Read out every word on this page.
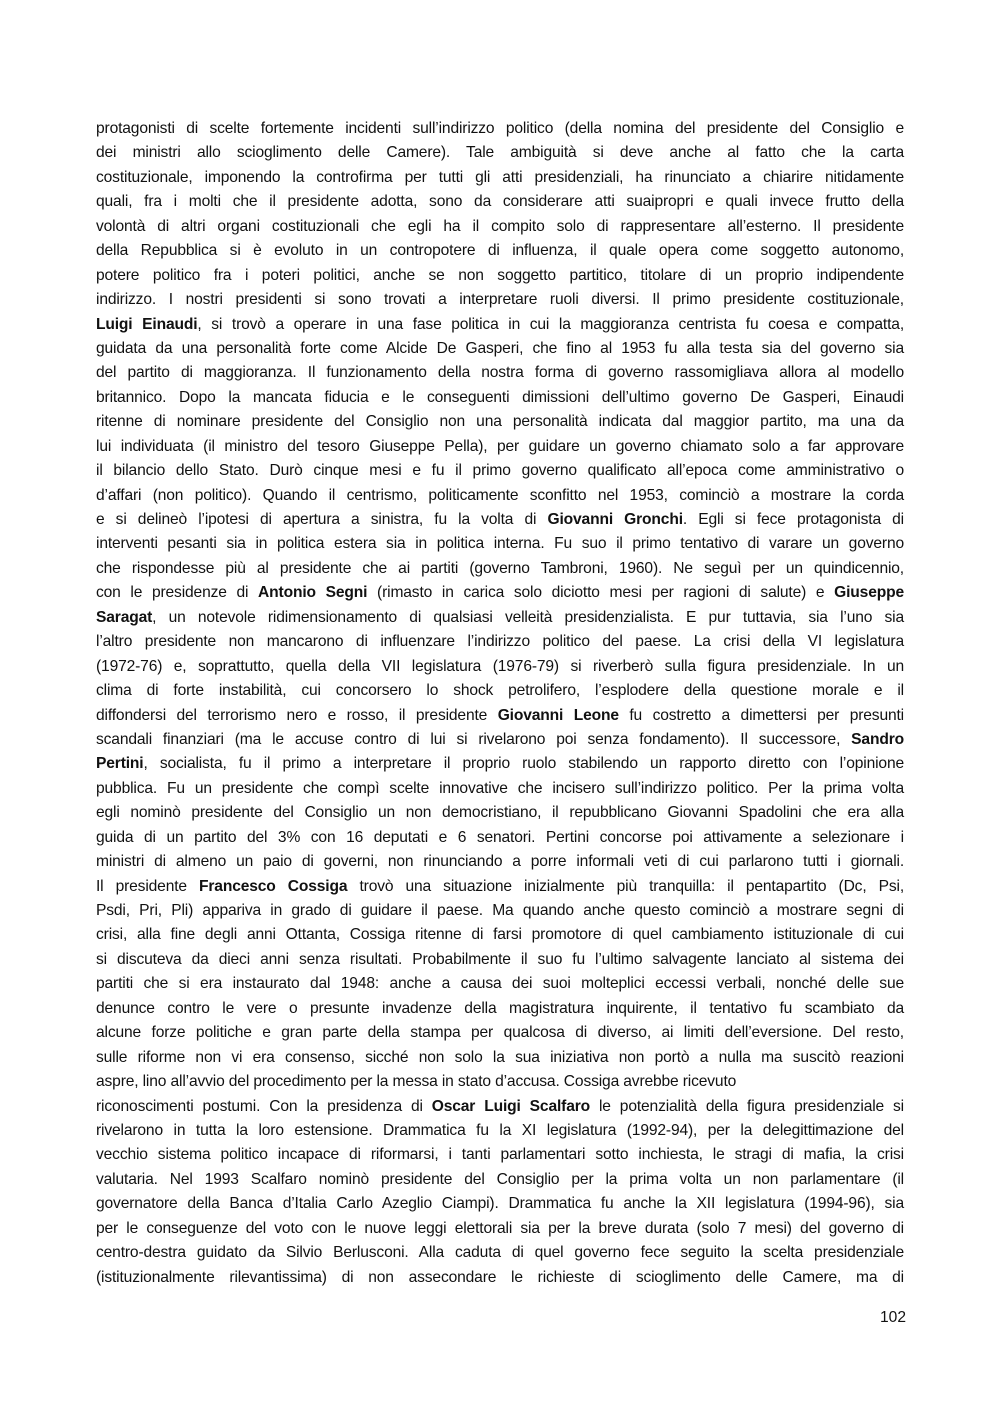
protagonisti di scelte fortemente incidenti sull’indirizzo politico (della nomina del presidente del Consiglio e
dei ministri allo scioglimento delle Camere). Tale ambiguità si deve anche al fatto che la carta
costituzionale, imponendo la controfirma per tutti gli atti presidenziali, ha rinunciato a chiarire nitidamente
quali, fra i molti che il presidente adotta, sono da considerare atti suaipropri e quali invece frutto della
volontà di altri organi costituzionali che egli ha il compito solo di rappresentare all’esterno. Il presidente
della Repubblica si è evoluto in un contropotere di influenza, il quale opera come soggetto autonomo,
potere politico fra i poteri politici, anche se non soggetto partitico, titolare di un proprio indipendente
indirizzo. I nostri presidenti si sono trovati a interpretare ruoli diversi. Il primo presidente costituzionale,
Luigi Einaudi, si trovò a operare in una fase politica in cui la maggioranza centrista fu coesa e compatta,
guidata da una personalità forte come Alcide De Gasperi, che fino al 1953 fu alla testa sia del governo sia
del partito di maggioranza. Il funzionamento della nostra forma di governo rassomigliava allora al modello
britannico. Dopo la mancata fiducia e le conseguenti dimissioni dell’ultimo governo De Gasperi, Einaudi
ritenne di nominare presidente del Consiglio non una personalità indicata dal maggior partito, ma una da
lui individuata (il ministro del tesoro Giuseppe Pella), per guidare un governo chiamato solo a far approvare
il bilancio dello Stato. Durò cinque mesi e fu il primo governo qualificato all’epoca come amministrativo o
d’affari (non politico). Quando il centrismo, politicamente sconfitto nel 1953, cominciò a mostrare la corda
e si delineò l’ipotesi di apertura a sinistra, fu la volta di Giovanni Gronchi. Egli si fece protagonista di
interventi pesanti sia in politica estera sia in politica interna. Fu suo il primo tentativo di varare un governo
che rispondesse più al presidente che ai partiti (governo Tambroni, 1960). Ne seguì per un quindicennio,
con le presidenze di Antonio Segni (rimasto in carica solo diciotto mesi per ragioni di salute) e Giuseppe
Saragat, un notevole ridimensionamento di qualsiasi velleità presidenzialista. E pur tuttavia, sia l’uno sia
l’altro presidente non mancarono di influenzare l’indirizzo politico del paese. La crisi della VI legislatura
(1972-76) e, soprattutto, quella della VII legislatura (1976-79) si riverberò sulla figura presidenziale. In un
clima di forte instabilità, cui concorsero lo shock petrolifero, l’esplodere della questione morale e il
diffondersi del terrorismo nero e rosso, il presidente Giovanni Leone fu costretto a dimettersi per presunti
scandali finanziari (ma le accuse contro di lui si rivelarono poi senza fondamento). Il successore, Sandro
Pertini, socialista, fu il primo a interpretare il proprio ruolo stabilendo un rapporto diretto con l’opinione
pubblica. Fu un presidente che compì scelte innovative che incisero sull’indirizzo politico. Per la prima volta
egli nominò presidente del Consiglio un non democristiano, il repubblicano Giovanni Spadolini che era alla
guida di un partito del 3% con 16 deputati e 6 senatori. Pertini concorse poi attivamente a selezionare i
ministri di almeno un paio di governi, non rinunciando a porre informali veti di cui parlarono tutti i giornali.
Il presidente Francesco Cossiga trovò una situazione inizialmente più tranquilla: il pentapartito (Dc, Psi,
Psdi, Pri, Pli) appariva in grado di guidare il paese. Ma quando anche questo cominciò a mostrare segni di
crisi, alla fine degli anni Ottanta, Cossiga ritenne di farsi promotore di quel cambiamento istituzionale di cui
si discuteva da dieci anni senza risultati. Probabilmente il suo fu l’ultimo salvagente lanciato al sistema dei
partiti che si era instaurato dal 1948: anche a causa dei suoi molteplici eccessi verbali, nonché delle sue
denunce contro le vere o presunte invadenze della magistratura inquirente, il tentativo fu scambiato da
alcune forze politiche e gran parte della stampa per qualcosa di diverso, ai limiti dell’eversione. Del resto,
sulle riforme non vi era consenso, sicché non solo la sua iniziativa non portò a nulla ma suscitò reazioni
aspre, lino all’avvio del procedimento per la messa in stato d’accusa. Cossiga avrebbe ricevuto
riconoscimenti postumi. Con la presidenza di Oscar Luigi Scalfaro le potenzialità della figura presidenziale si
rivelarono in tutta la loro estensione. Drammatica fu la XI legislatura (1992-94), per la delegittimazione del
vecchio sistema politico incapace di riformarsi, i tanti parlamentari sotto inchiesta, le stragi di mafia, la crisi
valutaria. Nel 1993 Scalfaro nominò presidente del Consiglio per la prima volta un non parlamentare (il
governatore della Banca d’Italia Carlo Azeglio Ciampi). Drammatica fu anche la XII legislatura (1994-96), sia
per le conseguenze del voto con le nuove leggi elettorali sia per la breve durata (solo 7 mesi) del governo di
centro-destra guidato da Silvio Berlusconi. Alla caduta di quel governo fece seguito la scelta presidenziale
(istituzionalmente rilevantissima) di non assecondare le richieste di scioglimento delle Camere, ma di
102
